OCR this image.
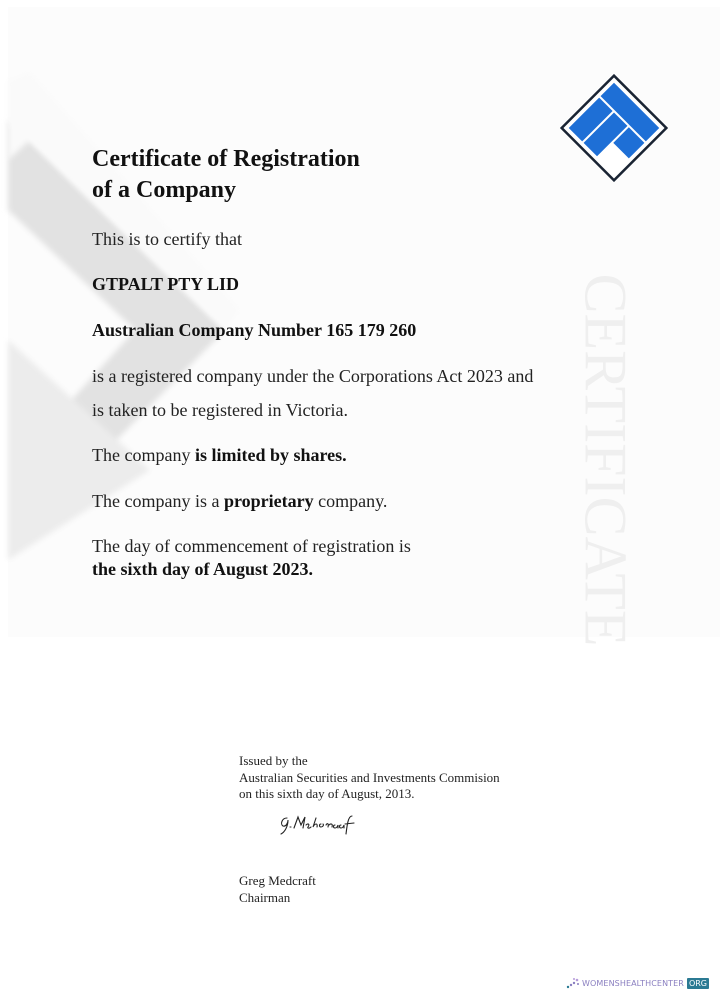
CERTIFICATE
Certificate of Registration
of a Company
This is to certify that
GTPALT PTY LID
Australian Company Number 165 179 260
is a registered company under the Corporations Act 2023 and
is taken to be registered in Victoria.
The company is limited by shares.
The company is a proprietary company.
The day of commencement of registration is
the sixth day of August 2023.
Issued by the
Australian Securities and Investments Commision
on this sixth day of August, 2013.
Greg Medcraft
Chairman
WOMENSHEALTHCENTER ORG
